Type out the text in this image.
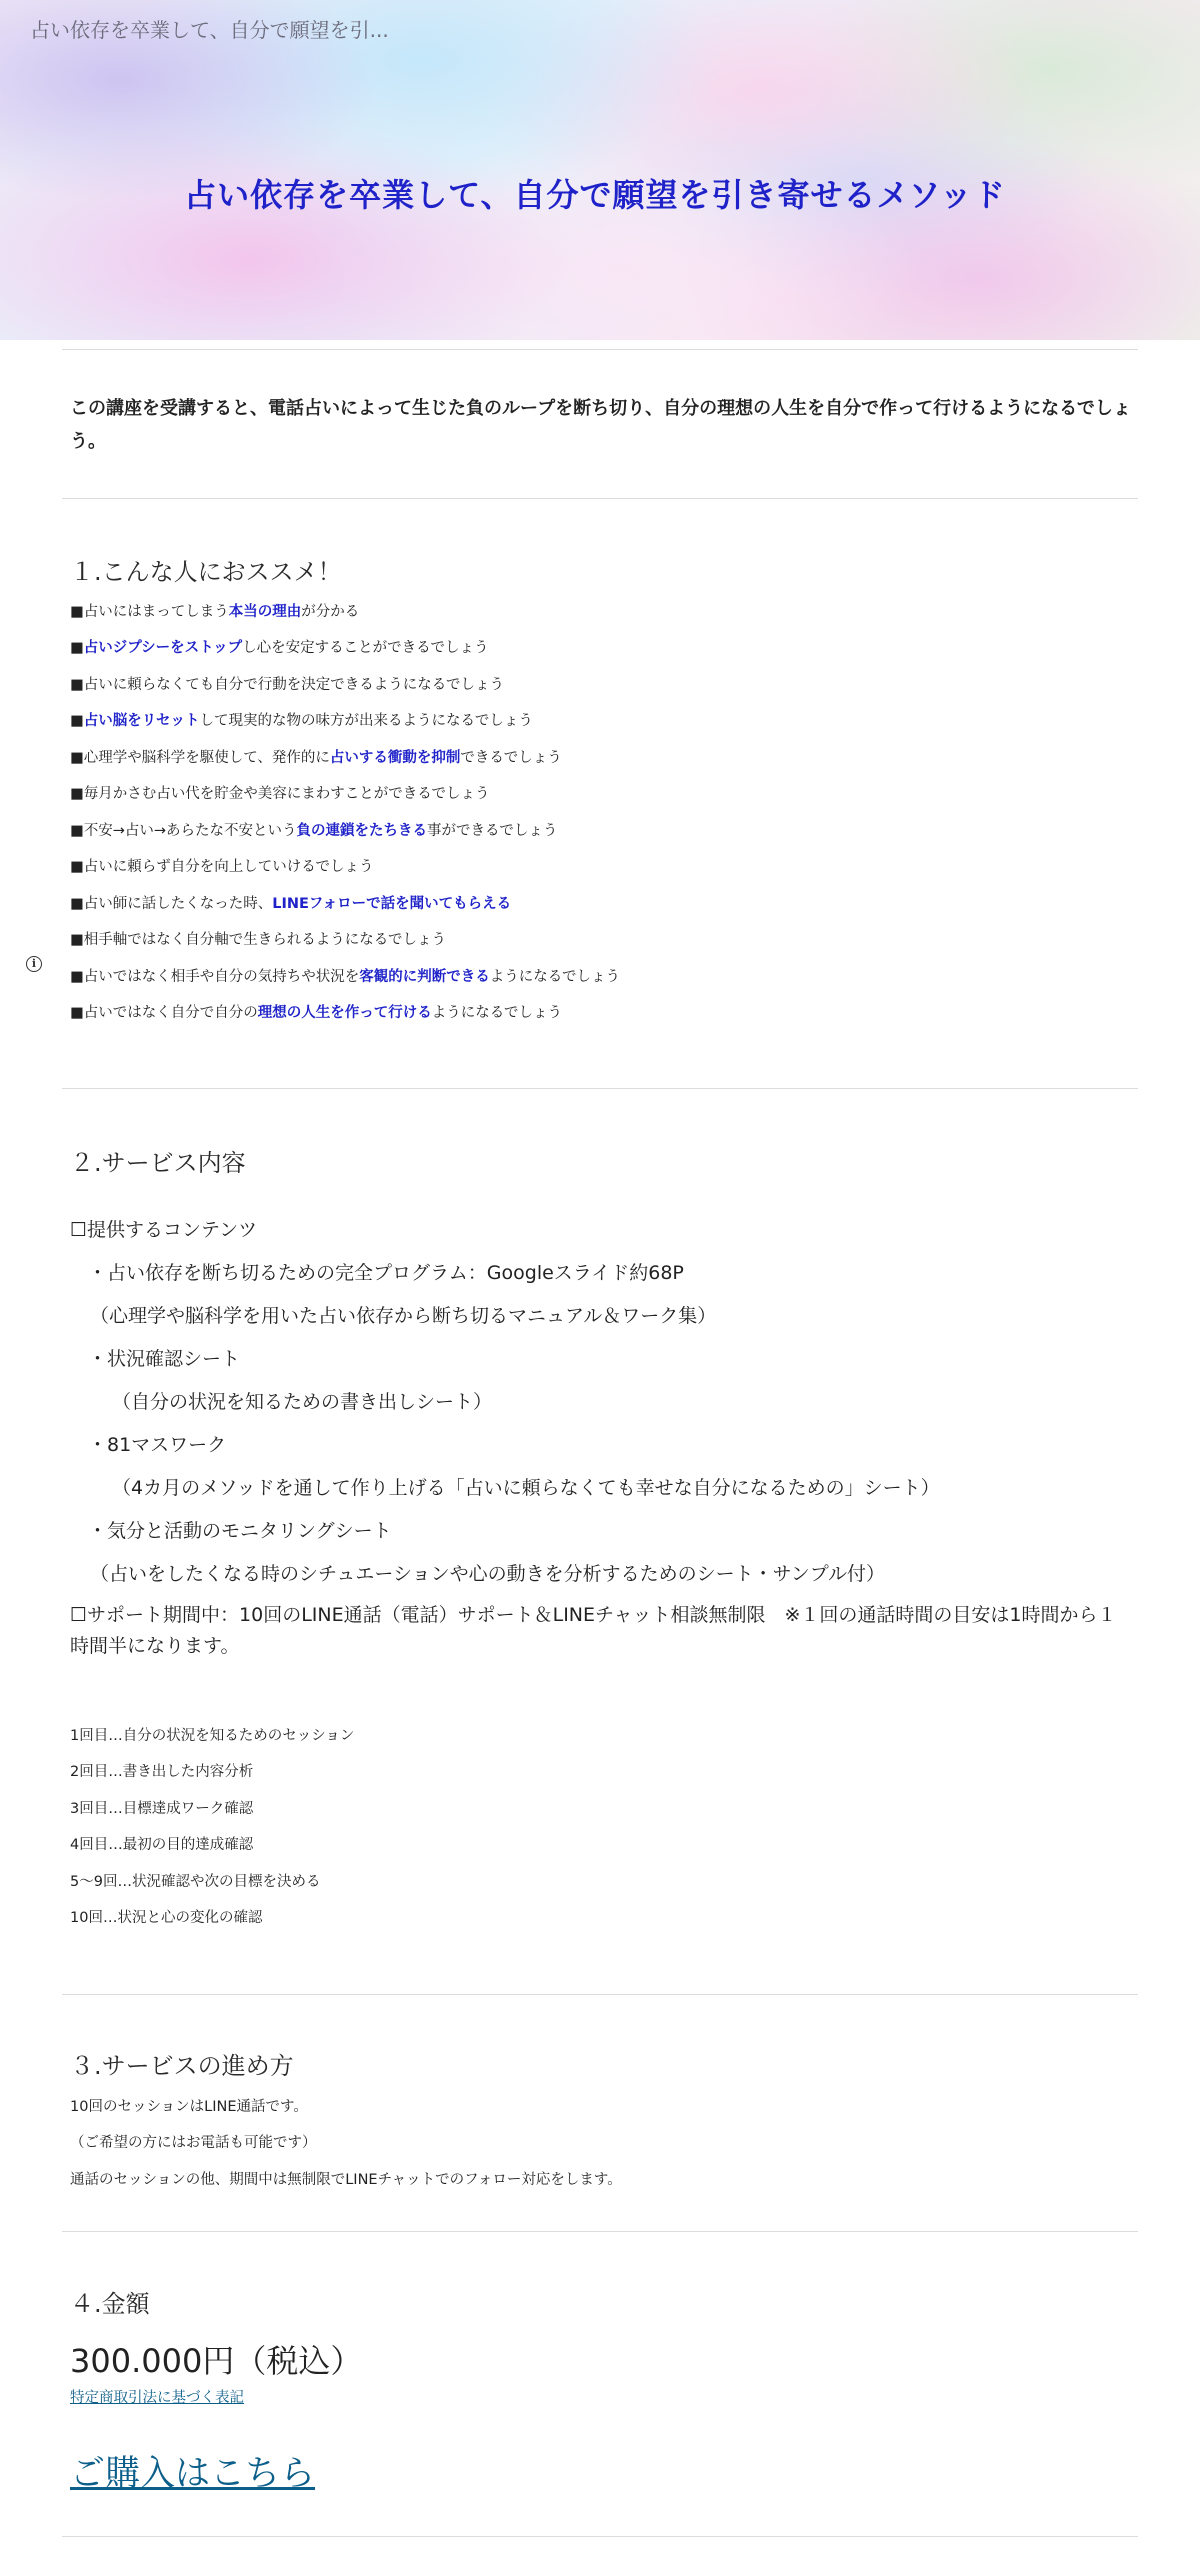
占い依存を卒業して、自分で願望を引...
占い依存を卒業して、自分で願望を引き寄せるメソッド
この講座を受講すると、電話占いによって生じた負のループを断ち切り、自分の理想の人生を自分で作って行けるようになるでしょう。
１.こんな人におススメ！
■占いにはまってしまう本当の理由が分かる
■占いジプシーをストップし心を安定することができるでしょう
■占いに頼らなくても自分で行動を決定できるようになるでしょう
■占い脳をリセットして現実的な物の味方が出来るようになるでしょう
■心理学や脳科学を駆使して、発作的に占いする衝動を抑制できるでしょう
■毎月かさむ占い代を貯金や美容にまわすことができるでしょう
■不安→占い→あらたな不安という負の連鎖をたちきる事ができるでしょう
■占いに頼らず自分を向上していけるでしょう
■占い師に話したくなった時、LINEフォローで話を聞いてもらえる
■相手軸ではなく自分軸で生きられるようになるでしょう
■占いではなく相手や自分の気持ちや状況を客観的に判断できるようになるでしょう
■占いではなく自分で自分の理想の人生を作って行けるようになるでしょう
i
２.サービス内容
☐提供するコンテンツ
・占い依存を断ち切るための完全プログラム：Googleスライド約68P
（心理学や脳科学を用いた占い依存から断ち切るマニュアル＆ワーク集）
・状況確認シート
（自分の状況を知るための書き出しシート）
・81マスワーク
（4カ月のメソッドを通して作り上げる「占いに頼らなくても幸せな自分になるための」シート）
・気分と活動のモニタリングシート
（占いをしたくなる時のシチュエーションや心の動きを分析するためのシート・サンプル付）
☐サポート期間中：10回のLINE通話（電話）サポート＆LINEチャット相談無制限　※１回の通話時間の目安は1時間から１時間半になります。
1回目…自分の状況を知るためのセッション
2回目…書き出した内容分析
3回目…目標達成ワーク確認
4回目…最初の目的達成確認
5〜9回…状況確認や次の目標を決める
10回…状況と心の変化の確認
３.サービスの進め方
10回のセッションはLINE通話です。
（ご希望の方にはお電話も可能です）
通話のセッションの他、期間中は無制限でLINEチャットでのフォロー対応をします。
４.金額
300.000円（税込）
特定商取引法に基づく表記
ご購入はこちら
